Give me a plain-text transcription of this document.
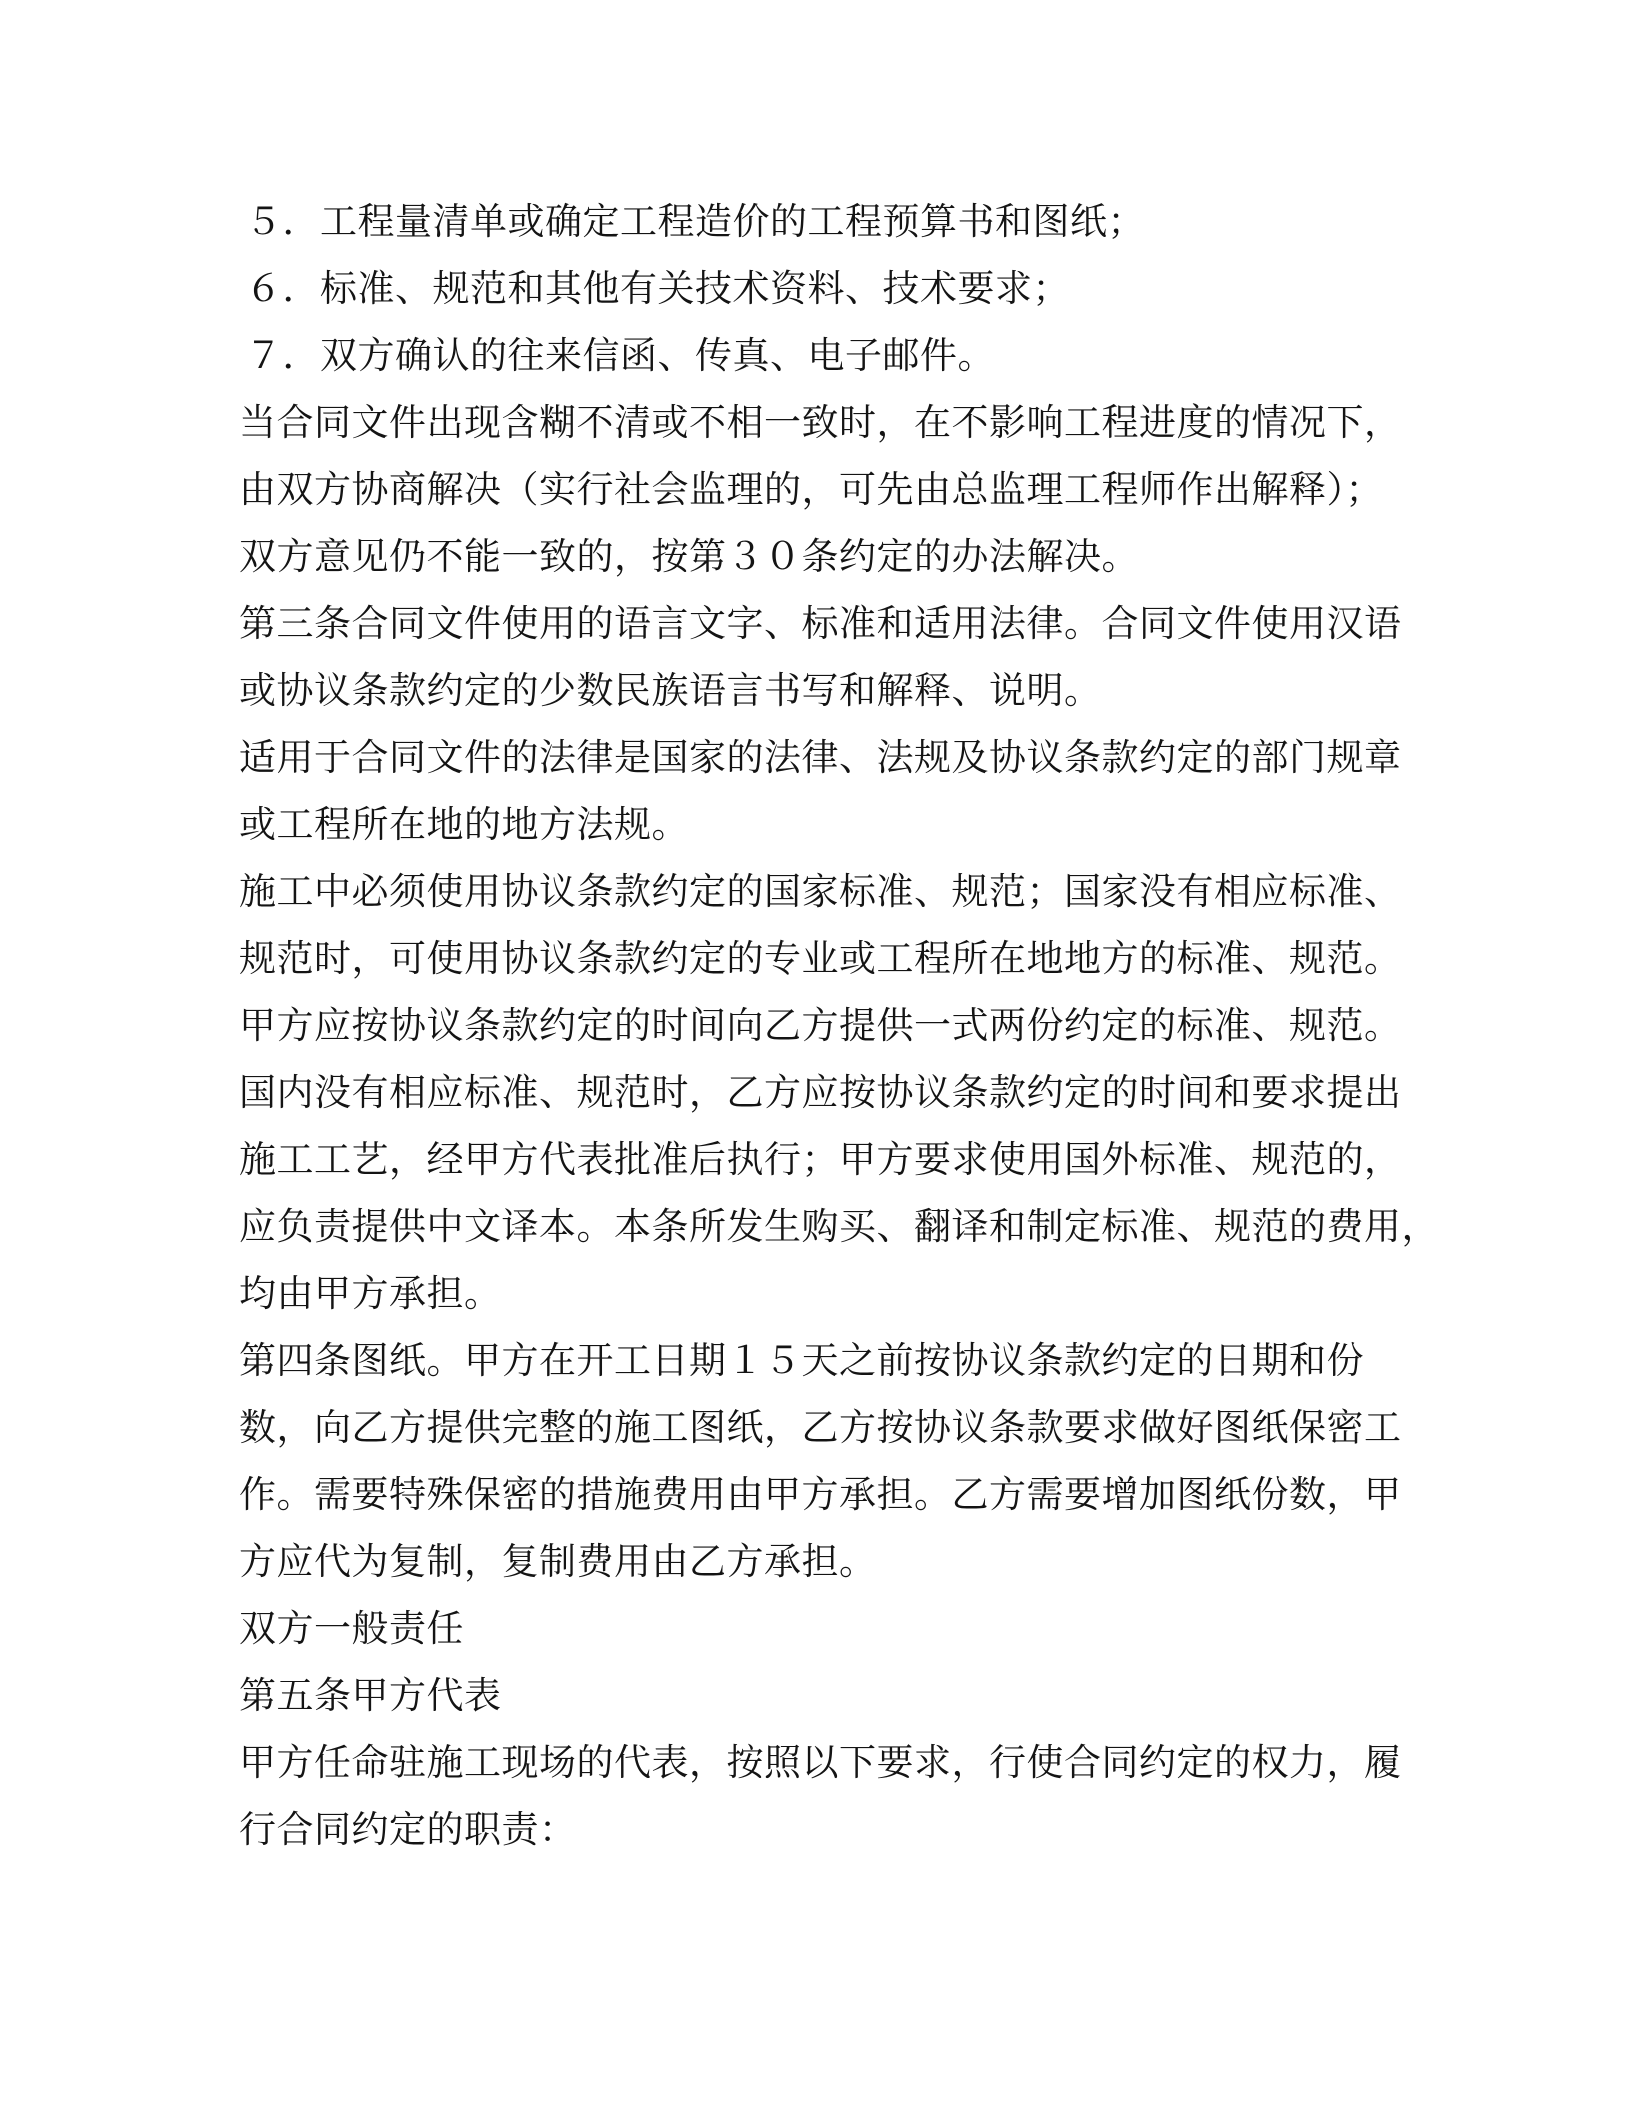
５．工程量清单或确定工程造价的工程预算书和图纸；
６．标准、规范和其他有关技术资料、技术要求；
７．双方确认的往来信函、传真、电子邮件。
当合同文件出现含糊不清或不相一致时，在不影响工程进度的情况下，
由双方协商解决（实行社会监理的，可先由总监理工程师作出解释）；
双方意见仍不能一致的，按第３０条约定的办法解决。
第三条合同文件使用的语言文字、标准和适用法律。合同文件使用汉语
或协议条款约定的少数民族语言书写和解释、说明。
适用于合同文件的法律是国家的法律、法规及协议条款约定的部门规章
或工程所在地的地方法规。
施工中必须使用协议条款约定的国家标准、规范；国家没有相应标准、
规范时，可使用协议条款约定的专业或工程所在地地方的标准、规范。
甲方应按协议条款约定的时间向乙方提供一式两份约定的标准、规范。
国内没有相应标准、规范时，乙方应按协议条款约定的时间和要求提出
施工工艺，经甲方代表批准后执行；甲方要求使用国外标准、规范的，
应负责提供中文译本。本条所发生购买、翻译和制定标准、规范的费用，
均由甲方承担。
第四条图纸。甲方在开工日期１５天之前按协议条款约定的日期和份
数，向乙方提供完整的施工图纸，乙方按协议条款要求做好图纸保密工
作。需要特殊保密的措施费用由甲方承担。乙方需要增加图纸份数，甲
方应代为复制，复制费用由乙方承担。
双方一般责任
第五条甲方代表
甲方任命驻施工现场的代表，按照以下要求，行使合同约定的权力，履
行合同约定的职责：
